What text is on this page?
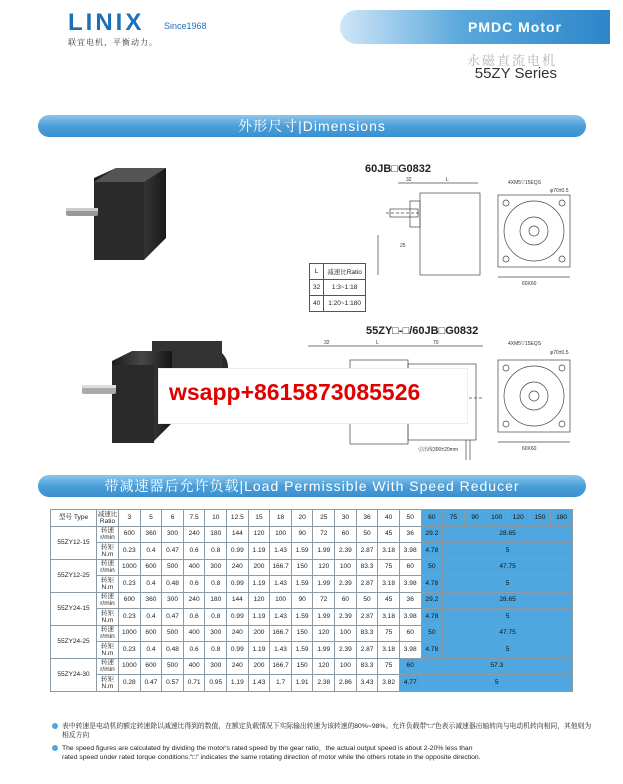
LINIX Since1968
联宜电机，平衡动力。
PMDC Motor
永磁直流电机
55ZY Series
外形尺寸|Dimensions
60JB□G0832
32	L
25
4XM5▽15EQS
φ70±0.5
60X60
L	减速比Ratio
32	1:3~1:18
40	1:20~1:180
55ZY□-□/60JB□G0832
32	L	70
引出线300±20mm
4XM5▽15EQS
φ70±0.5
60X60
wsapp+8615873085526
带减速器后允许负载|Load Permissible With Speed Reducer
型号 Type	减速比 Ratio	3	5	6	7.5	10	12.5	15	18	20	25	30	36	40	50	60	75	90	100	120	150	180
55ZY12-15	转速 r/min	600	360	300	240	180	144	120	100	90	72	60	50	45	36	29.2	28.65					
	转矩 N.m	0.23	0.4	0.47	0.6	0.8	0.99	1.19	1.43	1.59	1.99	2.39	2.87	3.18	3.98	4.78	5					
55ZY12-25	转速 r/min	1000	600	500	400	300	240	200	166.7	150	120	100	83.3	75	60	50	47.75					
	转矩 N.m	0.23	0.4	0.48	0.6	0.8	0.99	1.19	1.43	1.59	1.99	2.39	2.87	3.18	3.98	4.78	5					
55ZY24-15	转速 r/min	600	360	300	240	180	144	120	100	90	72	60	50	45	36	29.2	28.65					
	转矩 N.m	0.23	0.4	0.47	0.6	0.8	0.99	1.19	1.43	1.59	1.99	2.39	2.87	3.18	3.98	4.78	5					
55ZY24-25	转速 r/min	1000	600	500	400	300	240	200	166.7	150	120	100	83.3	75	60	50	47.75					
	转矩 N.m	0.23	0.4	0.48	0.6	0.8	0.99	1.19	1.43	1.59	1.99	2.39	2.87	3.18	3.98	4.78	5					
55ZY24-30	转速 r/min	1000	600	500	400	300	240	200	166.7	150	120	100	83.3	75	60	57.3						
	转矩 N.m	0.28	0.47	0.57	0.71	0.95	1.19	1.43	1.7	1.91	2.38	2.86	3.43	3.82	4.77	5						

表中转速是电动机的额定转速除以减速比得到的数值，在额定负载情况下实际输出转速为该转速的80%~98%。允许负载带“□”色表示减速器出轴转向与电动机转向相同，其他则为相反方向

The speed figures are calculated by dividing the motor's rated speed by the gear ratio，the actual output speed is about 2-20% less than
rated speed under rated torque conditions.“□” indicates the same rotating direction of motor while the others rotate in the opposite direction.
